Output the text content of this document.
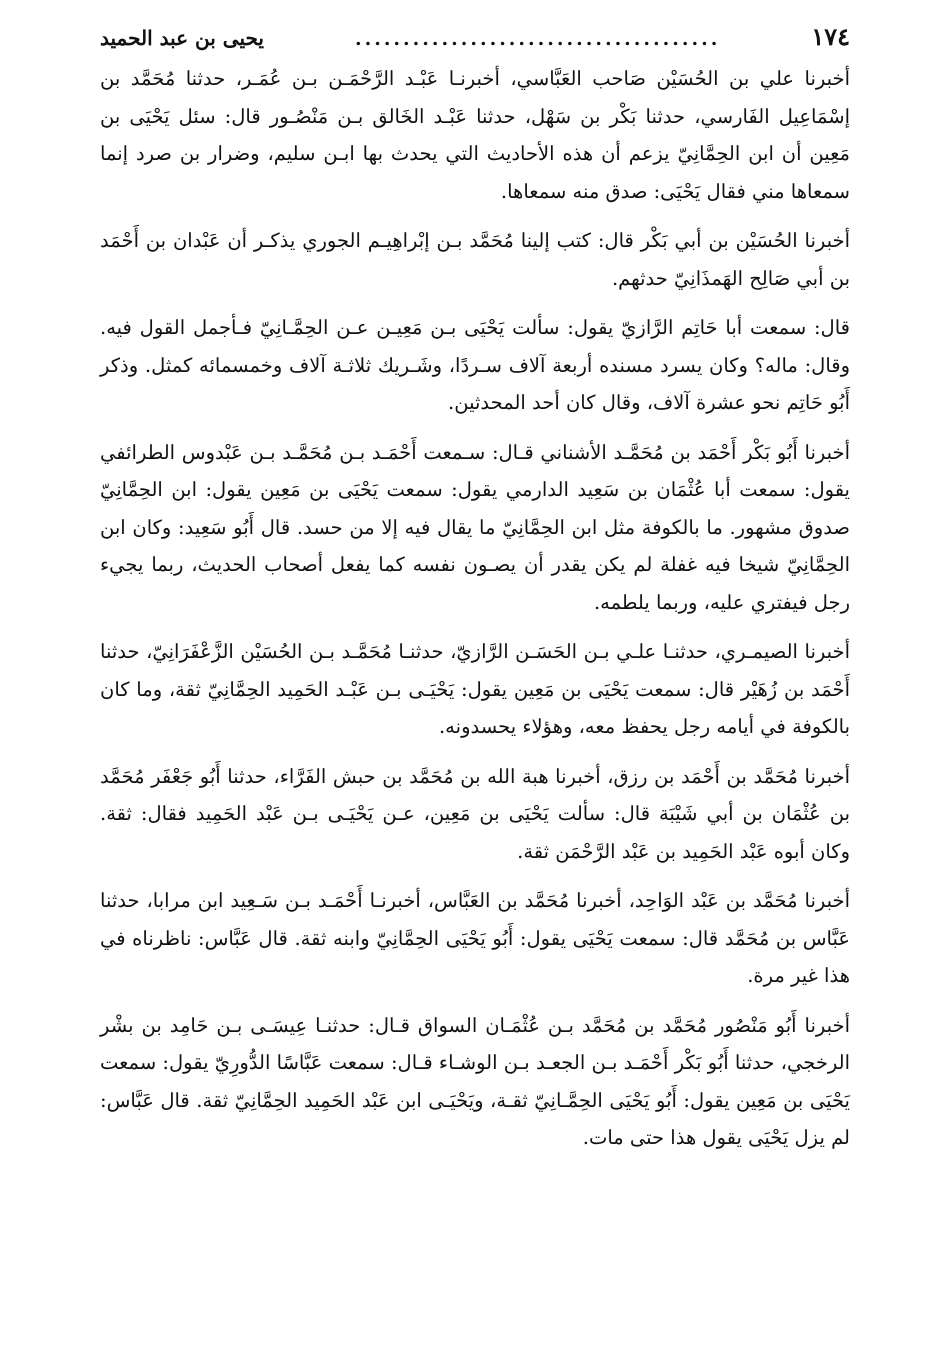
١٧٤
......................................
يحيى بن عبد الحميد

أخبرنا علي بن الحُسَيْن صَاحب العَبَّاسي، أخبرنـا عَبْـد الرَّحْمَـن بـن عُمَـر، حدثنا مُحَمَّد بن إسْمَاعِيل الفَارسي، حدثنا بَكْر بن سَهْل، حدثنا عَبْـد الخَالق بـن مَنْصُـور قال: سئل يَحْيَى بن مَعِين أن ابن الحِمَّانِيّ يزعم أن هذه الأحاديث التي يحدث بها ابـن سليم، وضرار بن صرد إنما سمعاها مني فقال يَحْيَى: صدق منه سمعاها.

أخبرنا الحُسَيْن بن أبي بَكْر قال: كتب إلينا مُحَمَّد بـن إبْراهِيـم الجوري يذكـر أن عَبْدان بن أَحْمَد بن أبي صَالِح الهَمذَانِيّ حدثهم.

قال: سمعت أبا حَاتِم الرَّازيّ يقول: سألت يَحْيَى بـن مَعِيـن عـن الحِمَّـانِيّ فـأجمل القول فيه. وقال: ماله؟ وكان يسرد مسنده أربعة آلاف سـردًا، وشَـريك ثلاثـة آلاف وخمسمائه كمثل. وذكر أَبُو حَاتِم نحو عشرة آلاف، وقال كان أحد المحدثين.

أخبرنا أَبُو بَكْر أَحْمَد بن مُحَمَّـد الأشناني قـال: سـمعت أَحْمَـد بـن مُحَمَّـد بـن عَبْدوس الطرائفي يقول: سمعت أبا عُثْمَان بن سَعِيد الدارمي يقول: سمعت يَحْيَى بن مَعِين يقول: ابن الحِمَّانِيّ صدوق مشهور. ما بالكوفة مثل ابن الحِمَّانِيّ ما يقال فيه إلا من حسد. قال أَبُو سَعِيد: وكان ابن الحِمَّانِيّ شيخا فيه غفلة لم يكن يقدر أن يصـون نفسه كما يفعل أصحاب الحديث، ربما يجيء رجل فيفتري عليه، وربما يلطمه.

أخبرنا الصيمـري، حدثنـا علـي بـن الحَسَـن الرَّازيّ، حدثنـا مُحَمَّـد بـن الحُسَيْن الزَّعْفَرَانِيّ، حدثنا أَحْمَد بن زُهَيْر قال: سمعت يَحْيَى بن مَعِين يقول: يَحْيَـى بـن عَبْـد الحَمِيد الحِمَّانِيّ ثقة، وما كان بالكوفة في أيامه رجل يحفظ معه، وهؤلاء يحسدونه.

أخبرنا مُحَمَّد بن أَحْمَد بن رزق، أخبرنا هبة الله بن مُحَمَّد بن حبش الفَرَّاء، حدثنا أَبُو جَعْفَر مُحَمَّد بن عُثْمَان بن أبي شَيْبَة قال: سألت يَحْيَى بن مَعِين، عـن يَحْيَـى بـن عَبْد الحَمِيد فقال: ثقة. وكان أبوه عَبْد الحَمِيد بن عَبْد الرَّحْمَن ثقة.

أخبرنا مُحَمَّد بن عَبْد الوَاحِد، أخبرنا مُحَمَّد بن العَبَّاس، أخبرنـا أَحْمَـد بـن سَـعِيد ابن مرابا، حدثنا عَبَّاس بن مُحَمَّد قال: سمعت يَحْيَى يقول: أَبُو يَحْيَى الحِمَّانِيّ وابنه ثقة. قال عَبَّاس: ناظرناه في هذا غير مرة.

أخبرنا أَبُو مَنْصُور مُحَمَّد بن مُحَمَّد بـن عُثْمَـان السواق قـال: حدثنـا عِيسَـى بـن حَامِد بن بشْر الرخجي، حدثنا أَبُو بَكْر أَحْمَـد بـن الجعـد بـن الوشـاء قـال: سمعت عَبَّاسًا الدُّورِيّ يقول: سمعت يَحْيَى بن مَعِين يقول: أَبُو يَحْيَى الحِمَّـانِيّ ثقـة، ويَحْيَـى ابن عَبْد الحَمِيد الحِمَّانِيّ ثقة. قال عَبَّاس: لم يزل يَحْيَى يقول هذا حتى مات.
